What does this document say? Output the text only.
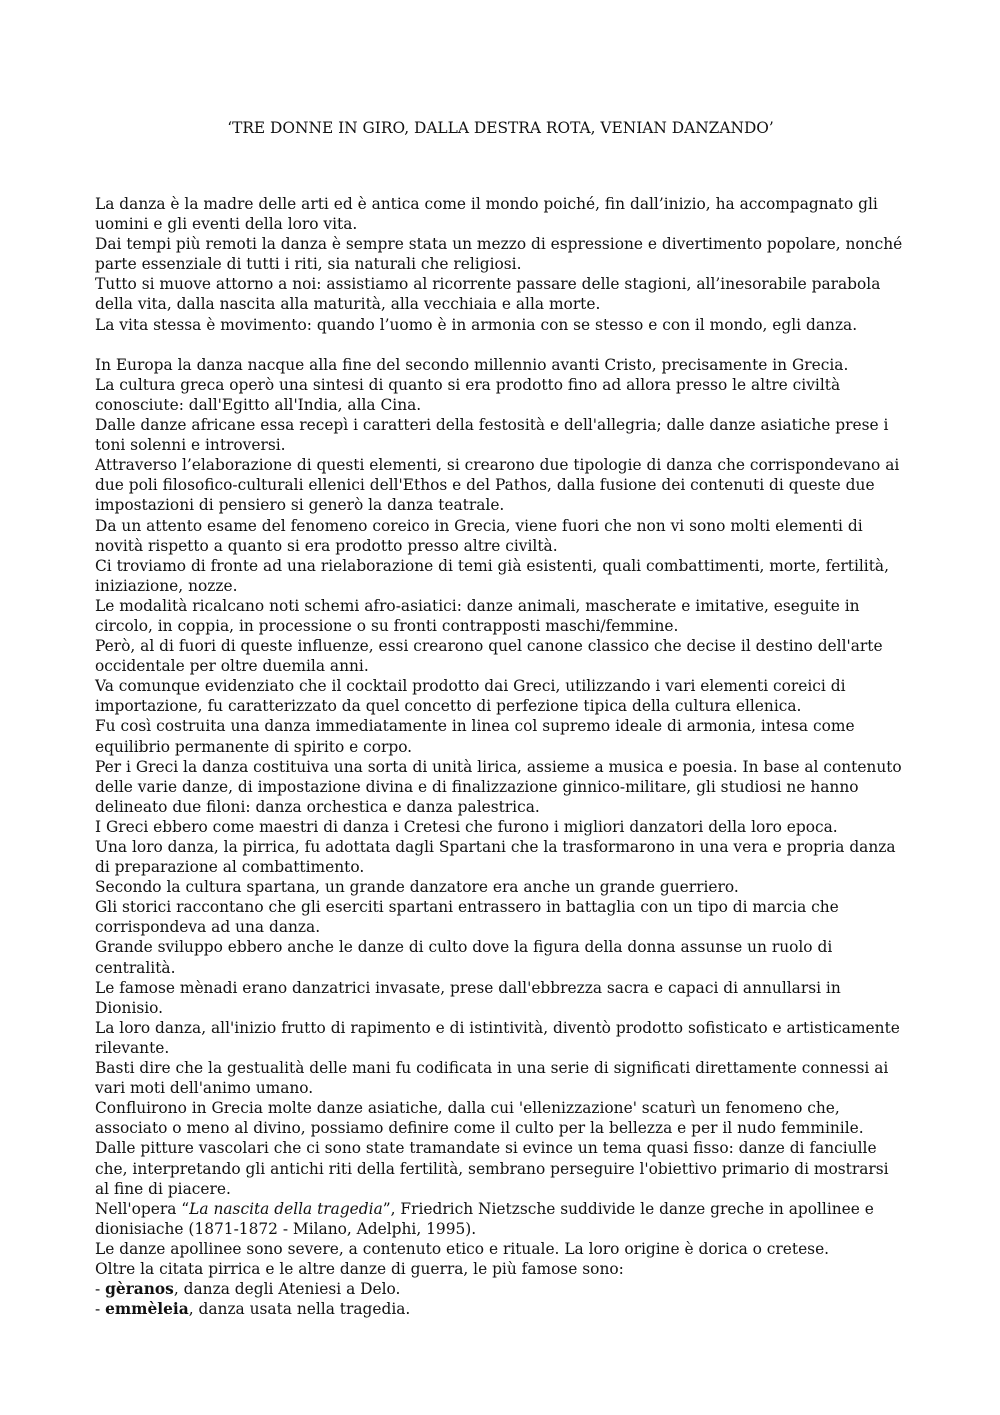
‘TRE DONNE IN GIRO, DALLA DESTRA ROTA, VENIAN DANZANDO’

La danza è la madre delle arti ed è antica come il mondo poiché, fin dall’inizio, ha accompagnato gli uomini e gli eventi della loro vita.

Dai tempi più remoti la danza è sempre stata un mezzo di espressione e divertimento popolare, nonché parte essenziale di tutti i riti, sia naturali che religiosi.

Tutto si muove attorno a noi: assistiamo al ricorrente passare delle stagioni, all’inesorabile parabola della vita, dalla nascita alla maturità, alla vecchiaia e alla morte.

La vita stessa è movimento: quando l’uomo è in armonia con se stesso e con il mondo, egli danza.

In Europa la danza nacque alla fine del secondo millennio avanti Cristo, precisamente in Grecia.

La cultura greca operò una sintesi di quanto si era prodotto fino ad allora presso le altre civiltà conosciute: dall'Egitto all'India, alla Cina.

Dalle danze africane essa recepì i caratteri della festosità e dell'allegria; dalle danze asiatiche prese i toni solenni e introversi.

Attraverso l’elaborazione di questi elementi, si crearono due tipologie di danza che corrispondevano ai due poli filosofico-culturali ellenici dell'Ethos e del Pathos, dalla fusione dei contenuti di queste due impostazioni di pensiero si generò la danza teatrale.

Da un attento esame del fenomeno coreico in Grecia, viene fuori che non vi sono molti elementi di novità rispetto a quanto si era prodotto presso altre civiltà.

Ci troviamo di fronte ad una rielaborazione di temi già esistenti, quali combattimenti, morte, fertilità, iniziazione, nozze.

Le modalità ricalcano noti schemi afro-asiatici: danze animali, mascherate e imitative, eseguite in circolo, in coppia, in processione o su fronti contrapposti maschi/femmine.

Però, al di fuori di queste influenze, essi crearono quel canone classico che decise il destino dell'arte occidentale per oltre duemila anni.

Va comunque evidenziato che il cocktail prodotto dai Greci, utilizzando i vari elementi coreici di importazione, fu caratterizzato da quel concetto di perfezione tipica della cultura ellenica.

Fu così costruita una danza immediatamente in linea col supremo ideale di armonia, intesa come equilibrio permanente di spirito e corpo.

Per i Greci la danza costituiva una sorta di unità lirica, assieme a musica e poesia. In base al contenuto delle varie danze, di impostazione divina e di finalizzazione ginnico-militare, gli studiosi ne hanno delineato due filoni: danza orchestica e danza palestrica.

I Greci ebbero come maestri di danza i Cretesi che furono i migliori danzatori della loro epoca.

Una loro danza, la pirrica, fu adottata dagli Spartani che la trasformarono in una vera e propria danza di preparazione al combattimento.

Secondo la cultura spartana, un grande danzatore era anche un grande guerriero.

Gli storici raccontano che gli eserciti spartani entrassero in battaglia con un tipo di marcia che corrispondeva ad una danza.

Grande sviluppo ebbero anche le danze di culto dove la figura della donna assunse un ruolo di centralità.

Le famose mènadi erano danzatrici invasate, prese dall'ebbrezza sacra e capaci di annullarsi in Dionisio.

La loro danza, all'inizio frutto di rapimento e di istintività, diventò prodotto sofisticato e artisticamente rilevante.

Basti dire che la gestualità delle mani fu codificata in una serie di significati direttamente connessi ai vari moti dell'animo umano.

Confluirono in Grecia molte danze asiatiche, dalla cui 'ellenizzazione' scaturì un fenomeno che, associato o meno al divino, possiamo definire come il culto per la bellezza e per il nudo femminile.

Dalle pitture vascolari che ci sono state tramandate si evince un tema quasi fisso: danze di fanciulle che, interpretando gli antichi riti della fertilità, sembrano perseguire l'obiettivo primario di mostrarsi al fine di piacere.

Nell'opera “La nascita della tragedia”, Friedrich Nietzsche suddivide le danze greche in apollinee e dionisiache (1871-1872 - Milano, Adelphi, 1995).

Le danze apollinee sono severe, a contenuto etico e rituale. La loro origine è dorica o cretese.

Oltre la citata pirrica e le altre danze di guerra, le più famose sono:

- gèranos, danza degli Ateniesi a Delo.

- emmèleia, danza usata nella tragedia.
